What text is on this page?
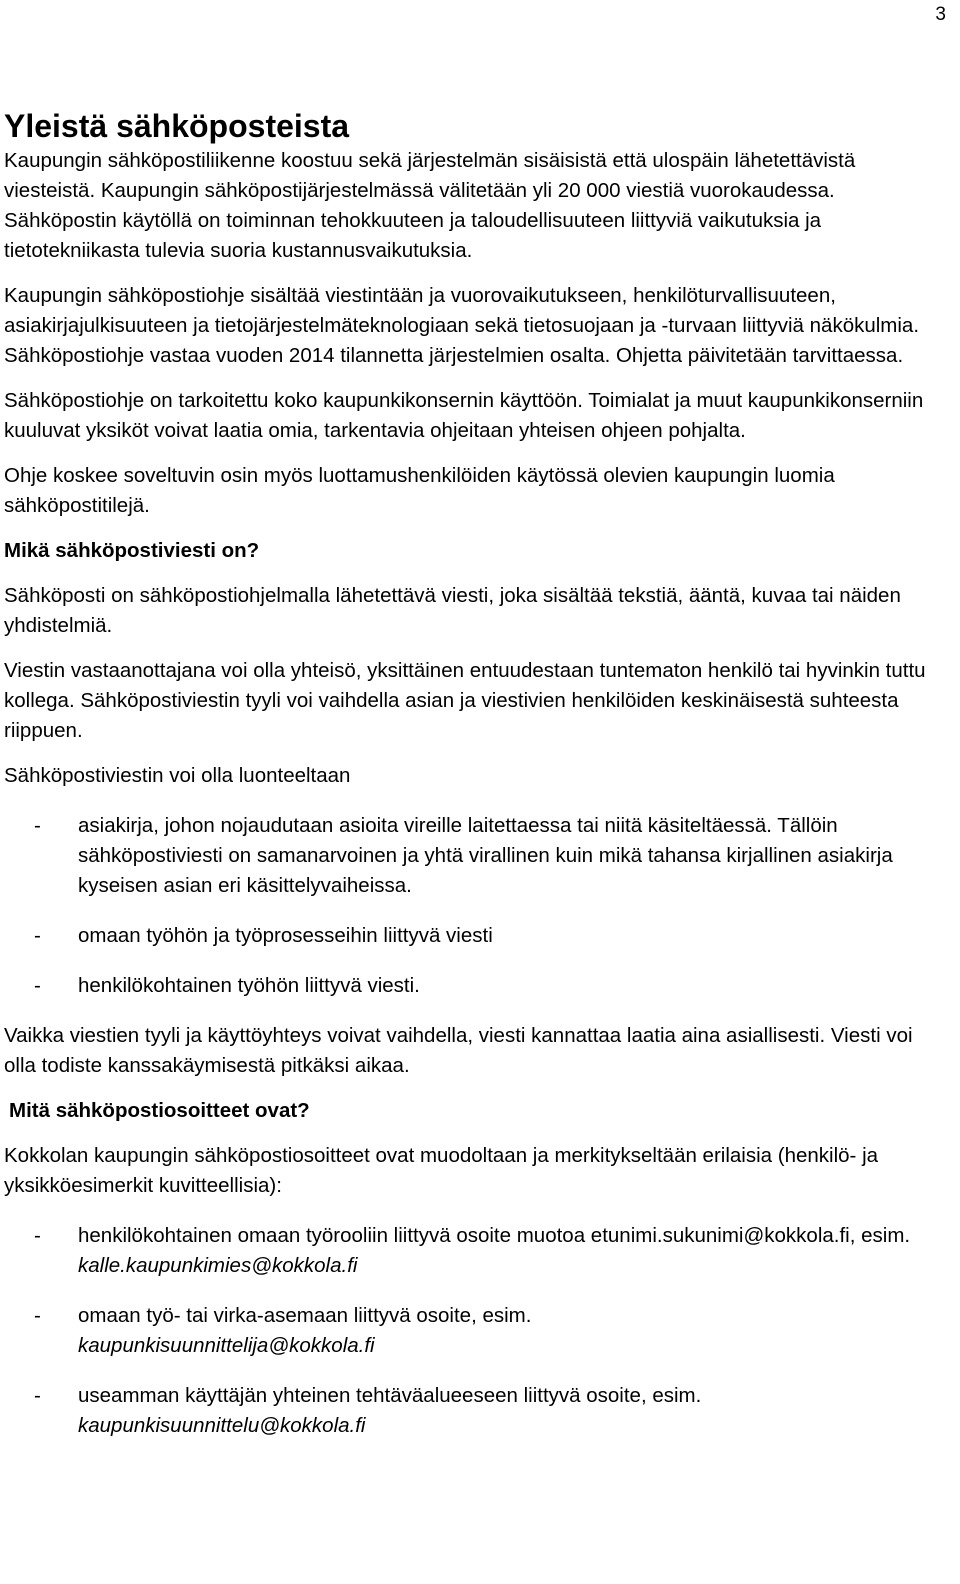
3
Yleistä sähköposteista

Kaupungin sähköpostiliikenne koostuu sekä järjestelmän sisäisistä että ulospäin lähetettävistä viesteistä. Kaupungin sähköpostijärjestelmässä välitetään yli 20 000 viestiä vuorokaudessa. Sähköpostin käytöllä on toiminnan tehokkuuteen ja taloudellisuuteen liittyviä vaikutuksia ja tietotekniikasta tulevia suoria kustannusvaikutuksia.

Kaupungin sähköpostiohje sisältää viestintään ja vuorovaikutukseen, henkilöturvallisuuteen, asiakirjajulkisuuteen ja tietojärjestelmäteknologiaan sekä tietosuojaan ja -turvaan liittyviä näkökulmia. Sähköpostiohje vastaa vuoden 2014 tilannetta järjestelmien osalta. Ohjetta päivitetään tarvittaessa.

Sähköpostiohje on tarkoitettu koko kaupunkikonsernin käyttöön. Toimialat ja muut kaupunkikonserniin kuuluvat yksiköt voivat laatia omia, tarkentavia ohjeitaan yhteisen ohjeen pohjalta.

Ohje koskee soveltuvin osin myös luottamushenkilöiden käytössä olevien kaupungin luomia sähköpostitilejä.

Mikä sähköpostiviesti on?

Sähköposti on sähköpostiohjelmalla lähetettävä viesti, joka sisältää tekstiä, ääntä, kuvaa tai näiden yhdistelmiä.

Viestin vastaanottajana voi olla yhteisö, yksittäinen entuudestaan tuntematon henkilö tai hyvinkin tuttu kollega. Sähköpostiviestin tyyli voi vaihdella asian ja viestivien henkilöiden keskinäisestä suhteesta riippuen.

Sähköpostiviestin voi olla luonteeltaan

- asiakirja, johon nojaudutaan asioita vireille laitettaessa tai niitä käsiteltäessä. Tällöin sähköpostiviesti on samanarvoinen ja yhtä virallinen kuin mikä tahansa kirjallinen asiakirja kyseisen asian eri käsittelyvaiheissa.
- omaan työhön ja työprosesseihin liittyvä viesti
- henkilökohtainen työhön liittyvä viesti.

Vaikka viestien tyyli ja käyttöyhteys voivat vaihdella, viesti kannattaa laatia aina asiallisesti. Viesti voi olla todiste kanssakäymisestä pitkäksi aikaa.

Mitä sähköpostiosoitteet ovat?

Kokkolan kaupungin sähköpostiosoitteet ovat muodoltaan ja merkitykseltään erilaisia (henkilö- ja yksikköesimerkit kuvitteellisia):

- henkilökohtainen omaan työrooliin liittyvä osoite muotoa etunimi.sukunimi@kokkola.fi, esim. kalle.kaupunkimies@kokkola.fi
- omaan työ- tai virka-asemaan liittyvä osoite, esim.
kaupunkisuunnittelija@kokkola.fi
- useamman käyttäjän yhteinen tehtäväalueeseen liittyvä osoite, esim.
kaupunkisuunnittelu@kokkola.fi
